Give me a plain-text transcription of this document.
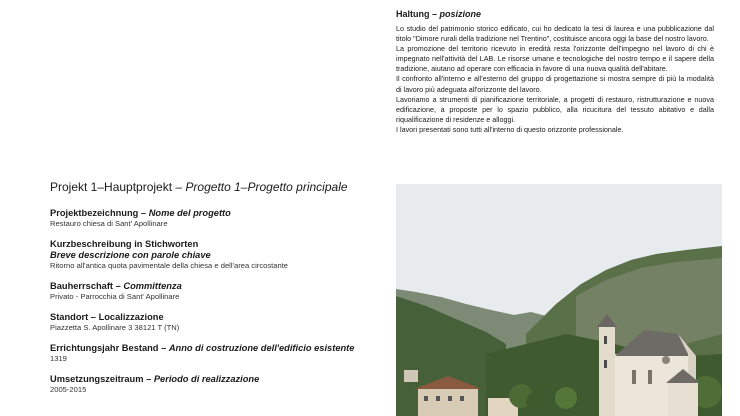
Haltung – posizione

Lo studio del patrimonio storico edificato, cui ho dedicato la tesi di laurea e una pubblicazione dal titolo "Dimore rurali della tradizione nel Trentino", costituisce ancora oggi la base del nostro lavoro.

La promozione del territorio ricevuto in eredità resta l'orizzonte dell'impegno nel lavoro di chi è impegnato nell'attività del LAB. Le risorse umane e tecnologiche del nostro tempo e il sapere della tradizione, aiutano ad operare con efficacia in favore di una nuova qualità dell'abitare.

Il confronto all'interno e all'esterno del gruppo di progettazione si mostra sempre di più la modalità di lavoro più adeguata all'orizzonte del lavoro.

Lavoriamo a strumenti di pianificazione territoriale, a progetti di restauro, ristrutturazione e nuova edificazione, a proposte per lo spazio pubblico, alla ricucitura del tessuto abitativo e dalla riqualificazione di residenze e alloggi.

I lavori presentati sono tutti all'interno di questo orizzonte professionale.

Projekt 1–Hauptprojekt – Progetto 1–Progetto principale
Projektbezeichnung – Nome del progetto
Restauro chiesa di Sant' Apollinare
Kurzbeschreibung in Stichworten
Breve descrizione con parole chiave
Ritorno all'antica quota pavimentale della chiesa e dell'area circostante
Bauherrschaft – Committenza
Privato - Parrocchia di Sant' Apollinare
Standort – Localizzazione
Piazzetta S. Apollinare 3 38121 T (TN)
Errichtungsjahr Bestand – Anno di costruzione dell'edificio esistente
1319
Umsetzungszeitraum – Periodo di realizzazione
2005-2015
